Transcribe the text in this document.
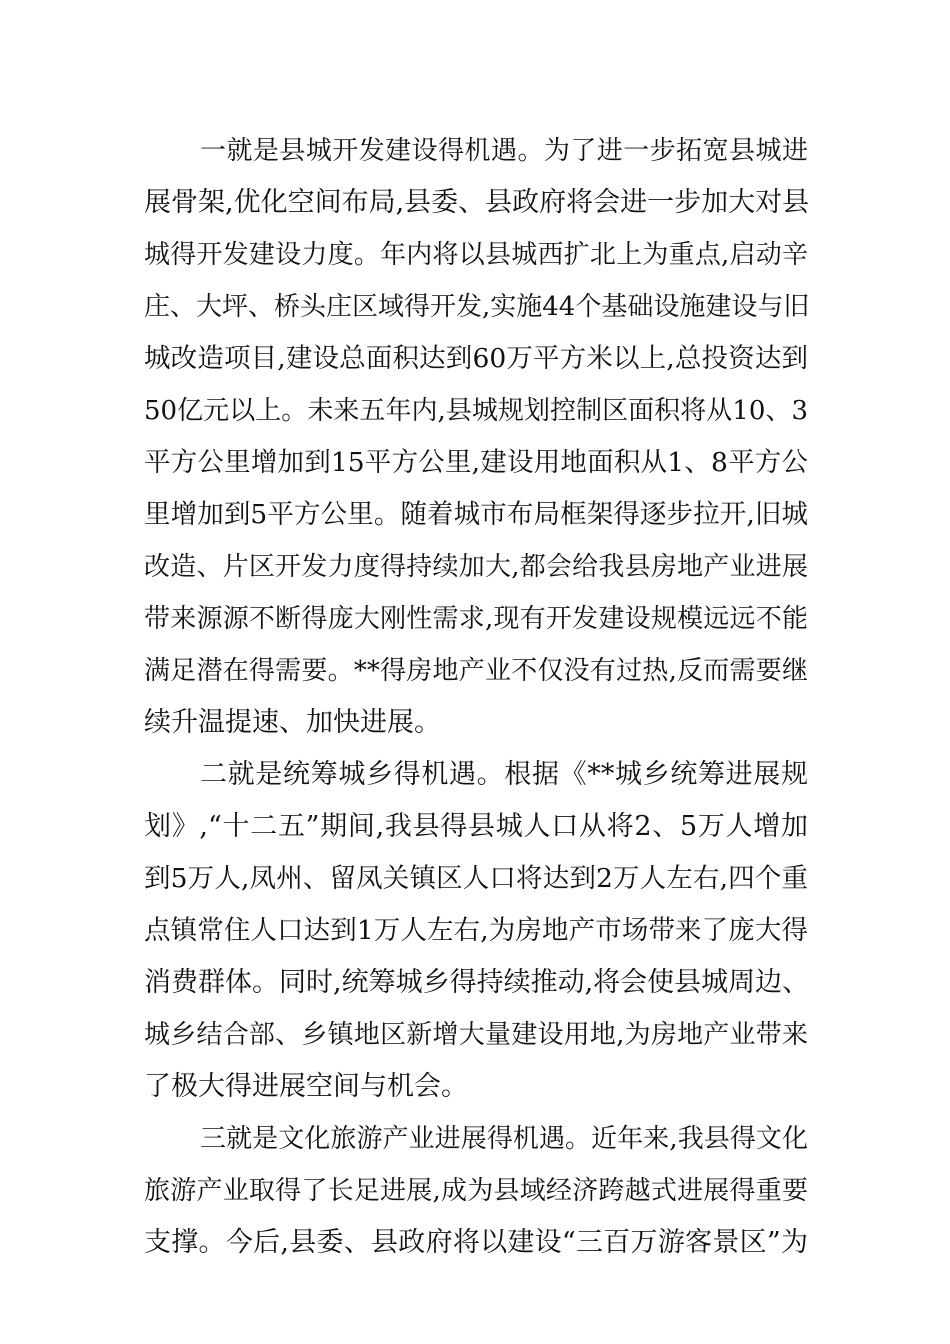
一就是县城开发建设得机遇。为了进一步拓宽县城进
展骨架,优化空间布局,县委、县政府将会进一步加大对县
城得开发建设力度。年内将以县城西扩北上为重点,启动辛
庄、大坪、桥头庄区域得开发,实施44个基础设施建设与旧
城改造项目,建设总面积达到60万平方米以上,总投资达到
50亿元以上。未来五年内,县城规划控制区面积将从10、3
平方公里增加到15平方公里,建设用地面积从1、8平方公
里增加到5平方公里。随着城市布局框架得逐步拉开,旧城
改造、片区开发力度得持续加大,都会给我县房地产业进展
带来源源不断得庞大刚性需求,现有开发建设规模远远不能
满足潜在得需要。**得房地产业不仅没有过热,反而需要继
续升温提速、加快进展。
二就是统筹城乡得机遇。根据《**城乡统筹进展规
划》,“十二五”期间,我县得县城人口从将2、5万人增加
到5万人,凤州、留凤关镇区人口将达到2万人左右,四个重
点镇常住人口达到1万人左右,为房地产市场带来了庞大得
消费群体。同时,统筹城乡得持续推动,将会使县城周边、
城乡结合部、乡镇地区新增大量建设用地,为房地产业带来
了极大得进展空间与机会。
三就是文化旅游产业进展得机遇。近年来,我县得文化
旅游产业取得了长足进展,成为县域经济跨越式进展得重要
支撑。今后,县委、县政府将以建设“三百万游客景区”为
